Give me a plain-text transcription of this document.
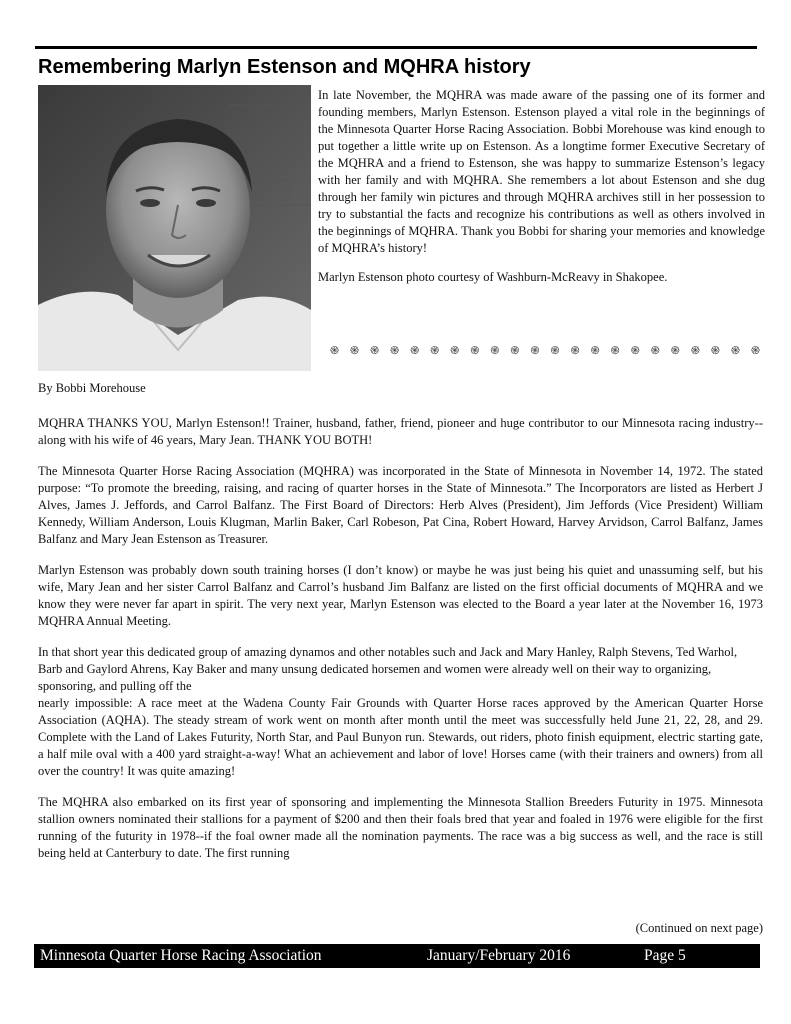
Remembering Marlyn Estenson and MQHRA history

In late November, the MQHRA was made aware of the passing one of its former and founding members, Marlyn Estenson. Estenson played a vital role in the beginnings of the Minnesota Quarter Horse Racing Association. Bobbi Morehouse was kind enough to put together a little write up on Estenson. As a longtime former Executive Secretary of the MQHRA and a friend to Estenson, she was happy to summarize Estenson’s legacy with her family and with MQHRA. She remembers a lot about Estenson and she dug through her family win pictures and through MQHRA archives still in her possession to try to substantial the facts and recognize his contributions as well as others involved in the beginnings of MQHRA. Thank you Bobbi for sharing your memories and knowledge of MQHRA’s history!

Marlyn Estenson photo courtesy of Washburn-McReavy in Shakopee.

֎ ֎ ֎ ֎ ֎ ֎ ֎ ֎ ֎ ֎ ֎ ֎ ֎ ֎ ֎ ֎ ֎ ֎ ֎ ֎ ֎ ֎

By Bobbi Morehouse

MQHRA THANKS YOU, Marlyn Estenson!! Trainer, husband, father, friend, pioneer and huge contributor to our Minnesota racing industry-- along with his wife of 46 years, Mary Jean. THANK YOU BOTH!

The Minnesota Quarter Horse Racing Association (MQHRA) was incorporated in the State of Minnesota in November 14, 1972. The stated purpose: “To promote the breeding, raising, and racing of quarter horses in the State of Minnesota.” The Incorporators are listed as Herbert J Alves, James J. Jeffords, and Carrol Balfanz. The First Board of Directors: Herb Alves (President), Jim Jeffords (Vice President) William Kennedy, William Anderson, Louis Klugman, Marlin Baker, Carl Robeson, Pat Cina, Robert Howard, Harvey Arvidson, Carrol Balfanz, James Balfanz and Mary Jean Estenson as Treasurer.

Marlyn Estenson was probably down south training horses (I don’t know) or maybe he was just being his quiet and unassuming self, but his wife, Mary Jean and her sister Carrol Balfanz and Carrol’s husband Jim Balfanz are listed on the first official documents of MQHRA and we know they were never far apart in spirit. The very next year, Marlyn Estenson was elected to the Board a year later at the November 16, 1973 MQHRA Annual Meeting.

In that short year this dedicated group of amazing dynamos and other notables such and Jack and Mary Hanley, Ralph Stevens, Ted Warhol, Barb and Gaylord Ahrens, Kay Baker and many unsung dedicated horsemen and women were already well on their way to organizing, sponsoring, and pulling off the

nearly impossible: A race meet at the Wadena County Fair Grounds with Quarter Horse races approved by the American Quarter Horse Association (AQHA). The steady stream of work went on month after month until the meet was successfully held June 21, 22, 28, and 29. Complete with the Land of Lakes Futurity, North Star, and Paul Bunyon run. Stewards, out riders, photo finish equipment, electric starting gate, a half mile oval with a 400 yard straight-a-way! What an achievement and labor of love! Horses came (with their trainers and owners) from all over the country! It was quite amazing!

The MQHRA also embarked on its first year of sponsoring and implementing the Minnesota Stallion Breeders Futurity in 1975. Minnesota stallion owners nominated their stallions for a payment of $200 and then their foals bred that year and foaled in 1976 were eligible for the first running of the futurity in 1978--if the foal owner made all the nomination payments. The race was a big success as well, and the race is still being held at Canterbury to date. The first running

(Continued on next page)
Minnesota Quarter Horse Racing Association	January/February 2016	Page 5
